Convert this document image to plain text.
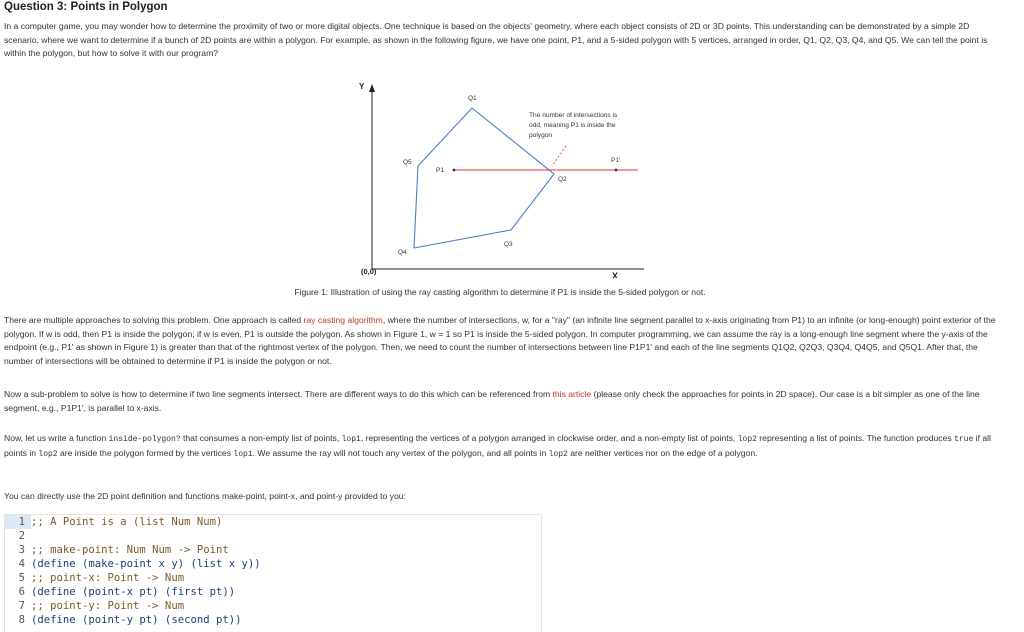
Question 3: Points in Polygon
In a computer game, you may wonder how to determine the proximity of two or more digital objects. One technique is based on the objects' geometry, where each object consists of 2D or 3D points. This understanding can be demonstrated by a simple 2D scenario, where we want to determine if a bunch of 2D points are within a polygon. For example, as shown in the following figure, we have one point, P1, and a 5-sided polygon with 5 vertices, arranged in order, Q1, Q2, Q3, Q4, and Q5. We can tell the point is within the polygon, but how to solve it with our program?
Y
X
(0,0)
Q1
Q2
Q3
Q4
Q5
P1
P1'
The number of intersections is
odd, meaning P1 is inside the
polygon
Figure 1: Illustration of using the ray casting algorithm to determine if P1 is inside the 5-sided polygon or not.
There are multiple approaches to solving this problem. One approach is called ray casting algorithm, where the number of intersections, w, for a "ray" (an infinite line segment parallel to x-axis originating from P1) to an infinite (or long-enough) point exterior of the polygon. If w is odd, then P1 is inside the polygon; if w is even, P1 is outside the polygon. As shown in Figure 1, w = 1 so P1 is inside the 5-sided polygon. In computer programming, we can assume the ray is a long-enough line segment where the y-axis of the endpoint (e.g., P1' as shown in Figure 1) is greater than that of the rightmost vertex of the polygon. Then, we need to count the number of intersections between line P1P1' and each of the line segments Q1Q2, Q2Q3, Q3Q4, Q4Q5, and Q5Q1. After that, the number of intersections will be obtained to determine if P1 is inside the polygon or not.
Now a sub-problem to solve is how to determine if two line segments intersect. There are different ways to do this which can be referenced from this article (please only check the approaches for points in 2D space). Our case is a bit simpler as one of the line segment, e.g., P1P1', is parallel to x-axis.
Now, let us write a function inside-polygon? that consumes a non-empty list of points, lop1, representing the vertices of a polygon arranged in clockwise order, and a non-empty list of points, lop2 representing a list of points. The function produces true if all points in lop2 are inside the polygon formed by the vertices lop1. We assume the ray will not touch any vertex of the polygon, and all points in lop2 are neither vertices nor on the edge of a polygon.
You can directly use the 2D point definition and functions make-point, point-x, and point-y provided to you:
1 ;; A Point is a (list Num Num)
2
3 ;; make-point: Num Num -> Point
4 (define (make-point x y) (list x y))
5 ;; point-x: Point -> Num
6 (define (point-x pt) (first pt))
7 ;; point-y: Point -> Num
8 (define (point-y pt) (second pt))
